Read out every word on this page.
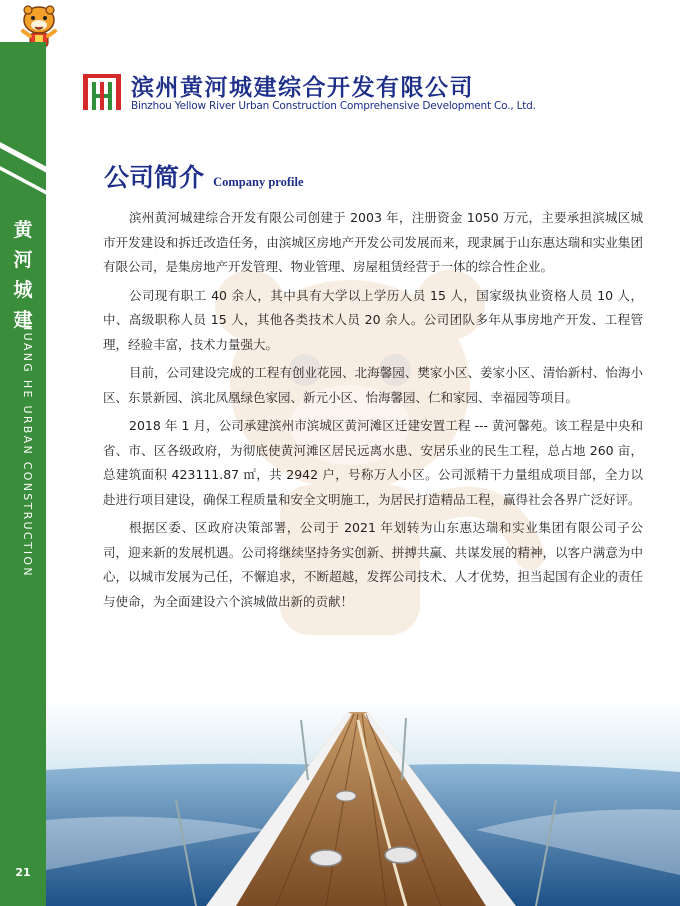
黄
河
城
建
HUANG HE URBAN CONSTRUCTION
21
滨州黄河城建综合开发有限公司
Binzhou Yellow River Urban Construction Comprehensive Development Co., Ltd.
公司简介 Company profile

滨州黄河城建综合开发有限公司创建于 2003 年，注册资金 1050 万元，主要承担滨城区城市开发建设和拆迁改造任务，由滨城区房地产开发公司发展而来，现隶属于山东惠达瑞和实业集团有限公司，是集房地产开发管理、物业管理、房屋租赁经营于一体的综合性企业。

公司现有职工 40 余人，其中具有大学以上学历人员 15 人，国家级执业资格人员 10 人，中、高级职称人员 15 人，其他各类技术人员 20 余人。公司团队多年从事房地产开发、工程管理，经验丰富，技术力量强大。

目前，公司建设完成的工程有创业花园、北海馨园、樊家小区、姜家小区、清怡新村、怡海小区、东景新园、滨北凤凰绿色家园、新元小区、怡海馨园、仁和家园、幸福园等项目。

2018 年 1 月，公司承建滨州市滨城区黄河滩区迁建安置工程 --- 黄河馨苑。该工程是中央和省、市、区各级政府，为彻底使黄河滩区居民远离水患、安居乐业的民生工程，总占地 260 亩，总建筑面积 423111.87 ㎡，共 2942 户，号称万人小区。公司派精干力量组成项目部，全力以赴进行项目建设，确保工程质量和安全文明施工，为居民打造精品工程，赢得社会各界广泛好评。

根据区委、区政府决策部署，公司于 2021 年划转为山东惠达瑞和实业集团有限公司子公司，迎来新的发展机遇。公司将继续坚持务实创新、拼搏共赢、共谋发展的精神，以客户满意为中心，以城市发展为己任，不懈追求，不断超越，发挥公司技术、人才优势，担当起国有企业的责任与使命，为全面建设六个滨城做出新的贡献！
